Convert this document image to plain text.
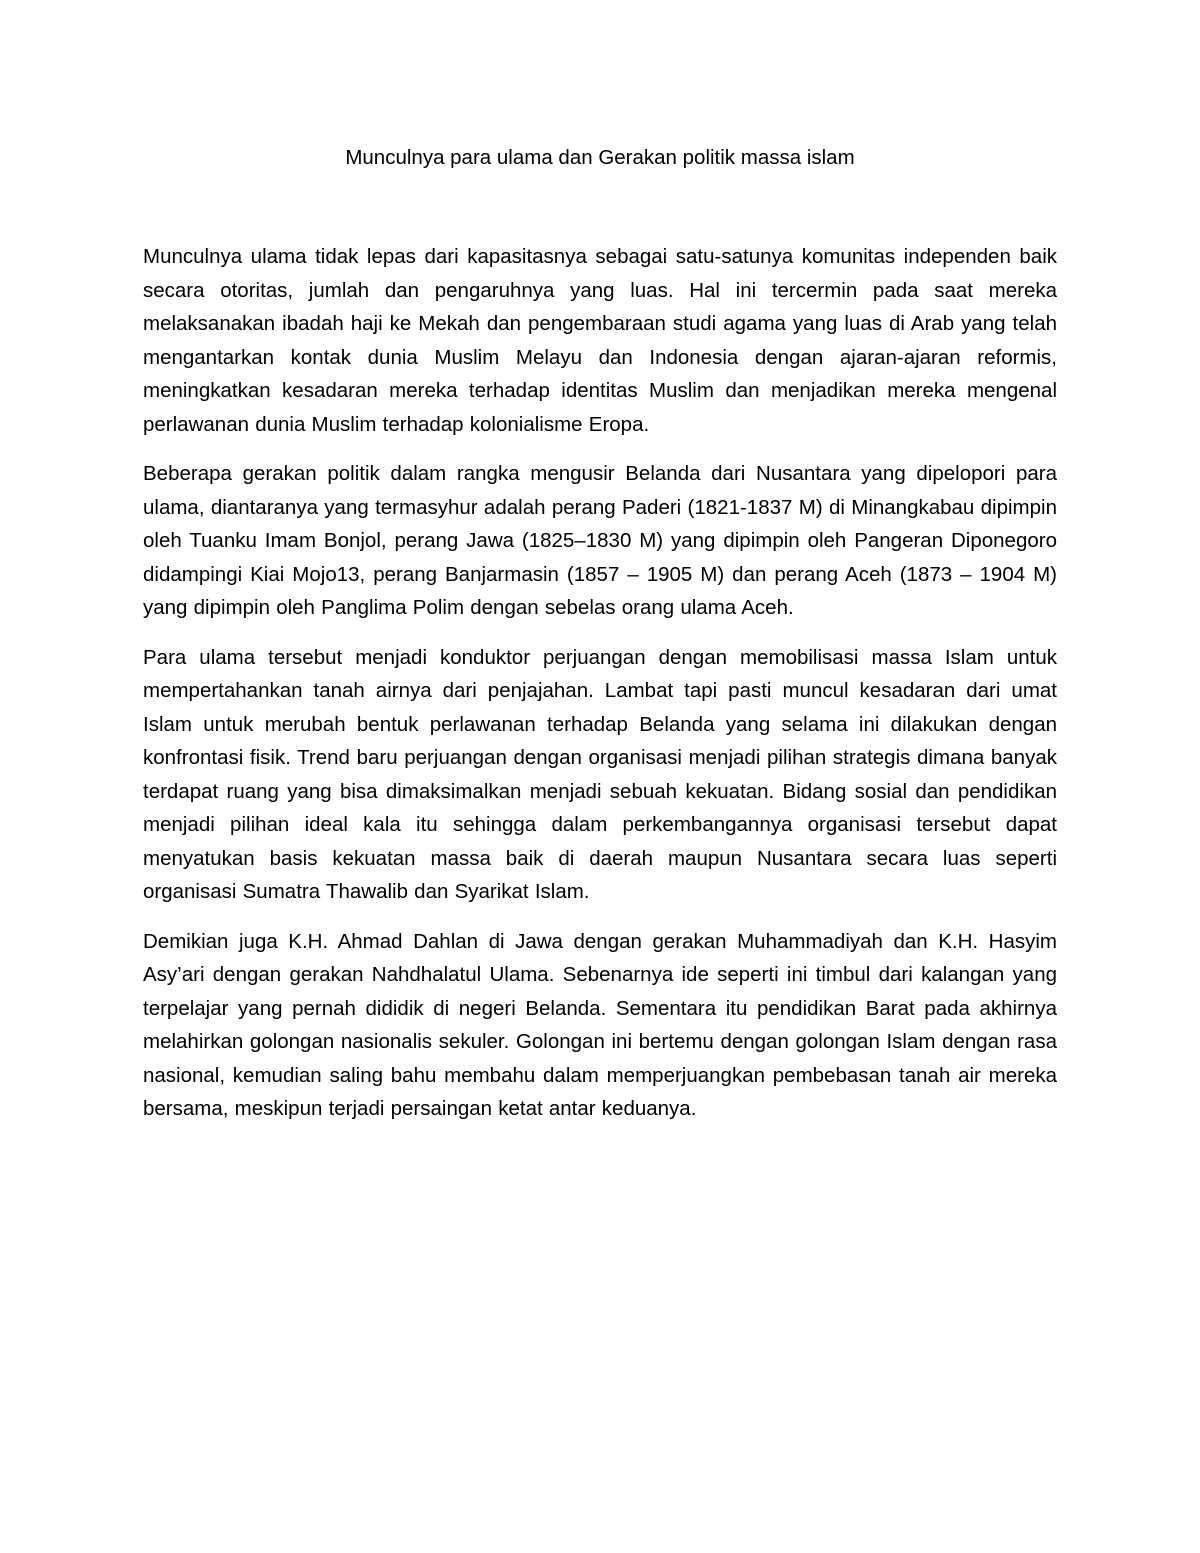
Munculnya para ulama dan Gerakan politik massa islam

Munculnya ulama tidak lepas dari kapasitasnya sebagai satu-satunya komunitas independen baik secara otoritas, jumlah dan pengaruhnya yang luas. Hal ini tercermin pada saat mereka melaksanakan ibadah haji ke Mekah dan pengembaraan studi agama yang luas di Arab yang telah mengantarkan kontak dunia Muslim Melayu dan Indonesia dengan ajaran-ajaran reformis, meningkatkan kesadaran mereka terhadap identitas Muslim dan menjadikan mereka mengenal perlawanan dunia Muslim terhadap kolonialisme Eropa.

Beberapa gerakan politik dalam rangka mengusir Belanda dari Nusantara yang dipelopori para ulama, diantaranya yang termasyhur adalah perang Paderi (1821-1837 M) di Minangkabau dipimpin oleh Tuanku Imam Bonjol, perang Jawa (1825–1830 M) yang dipimpin oleh Pangeran Diponegoro didampingi Kiai Mojo13, perang Banjarmasin (1857 – 1905 M) dan perang Aceh (1873 – 1904 M) yang dipimpin oleh Panglima Polim dengan sebelas orang ulama Aceh.

Para ulama tersebut menjadi konduktor perjuangan dengan memobilisasi massa Islam untuk mempertahankan tanah airnya dari penjajahan. Lambat tapi pasti muncul kesadaran dari umat Islam untuk merubah bentuk perlawanan terhadap Belanda yang selama ini dilakukan dengan konfrontasi fisik. Trend baru perjuangan dengan organisasi menjadi pilihan strategis dimana banyak terdapat ruang yang bisa dimaksimalkan menjadi sebuah kekuatan. Bidang sosial dan pendidikan menjadi pilihan ideal kala itu sehingga dalam perkembangannya organisasi tersebut dapat menyatukan basis kekuatan massa baik di daerah maupun Nusantara secara luas seperti organisasi Sumatra Thawalib dan Syarikat Islam.

Demikian juga K.H. Ahmad Dahlan di Jawa dengan gerakan Muhammadiyah dan K.H. Hasyim Asy’ari dengan gerakan Nahdhalatul Ulama. Sebenarnya ide seperti ini timbul dari kalangan yang terpelajar yang pernah dididik di negeri Belanda. Sementara itu pendidikan Barat pada akhirnya melahirkan golongan nasionalis sekuler. Golongan ini bertemu dengan golongan Islam dengan rasa nasional, kemudian saling bahu membahu dalam memperjuangkan pembebasan tanah air mereka bersama, meskipun terjadi persaingan ketat antar keduanya.
